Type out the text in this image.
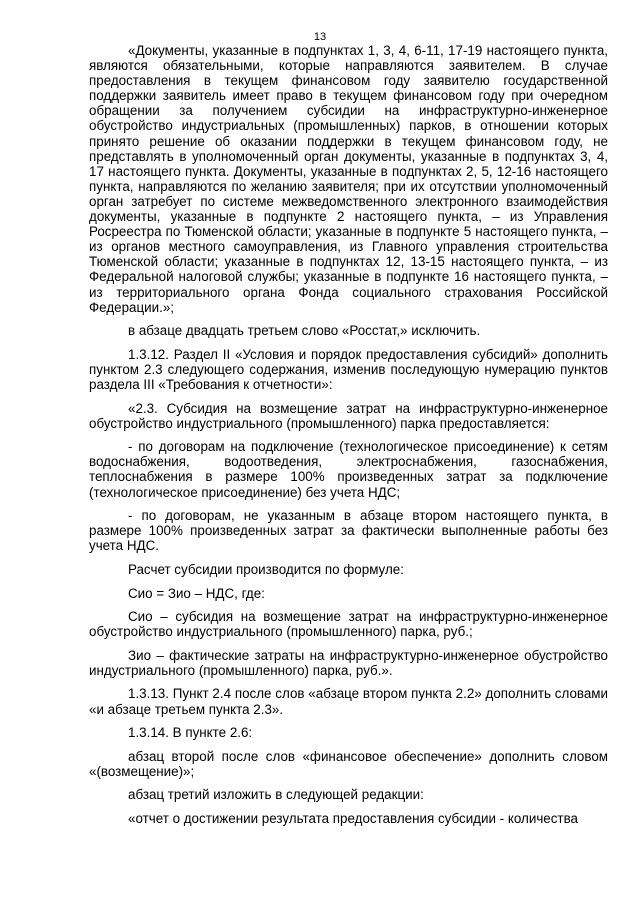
13

«Документы, указанные в подпунктах 1, 3, 4, 6-11, 17-19 настоящего пункта, являются обязательными, которые направляются заявителем. В случае предоставления в текущем финансовом году заявителю государственной поддержки заявитель имеет право в текущем финансовом году при очередном обращении за получением субсидии на инфраструктурно-инженерное обустройство индустриальных (промышленных) парков, в отношении которых принято решение об оказании поддержки в текущем финансовом году, не представлять в уполномоченный орган документы, указанные в подпунктах 3, 4, 17 настоящего пункта. Документы, указанные в подпунктах 2, 5, 12-16 настоящего пункта, направляются по желанию заявителя; при их отсутствии уполномоченный орган затребует по системе межведомственного электронного взаимодействия документы, указанные в подпункте 2 настоящего пункта, – из Управления Росреестра по Тюменской области; указанные в подпункте 5 настоящего пункта, – из органов местного самоуправления, из Главного управления строительства Тюменской области; указанные в подпунктах 12, 13-15 настоящего пункта, – из Федеральной налоговой службы; указанные в подпункте 16 настоящего пункта, – из территориального органа Фонда социального страхования Российской Федерации.»;

в абзаце двадцать третьем слово «Росстат,» исключить.

1.3.12. Раздел II «Условия и порядок предоставления субсидий» дополнить пунктом 2.3 следующего содержания, изменив последующую нумерацию пунктов раздела III «Требования к отчетности»:

«2.3. Субсидия на возмещение затрат на инфраструктурно-инженерное обустройство индустриального (промышленного) парка предоставляется:

- по договорам на подключение (технологическое присоединение) к сетям водоснабжения, водоотведения, электроснабжения, газоснабжения, теплоснабжения в размере 100% произведенных затрат за подключение (технологическое присоединение) без учета НДС;

- по договорам, не указанным в абзаце втором настоящего пункта, в размере 100% произведенных затрат за фактически выполненные работы без учета НДС.

Расчет субсидии производится по формуле:

Сио = Зио – НДС, где:

Сио – субсидия на возмещение затрат на инфраструктурно-инженерное обустройство индустриального (промышленного) парка, руб.;

Зио – фактические затраты на инфраструктурно-инженерное обустройство индустриального (промышленного) парка, руб.».

1.3.13. Пункт 2.4 после слов «абзаце втором пункта 2.2» дополнить словами «и абзаце третьем пункта 2.3».

1.3.14. В пункте 2.6:

абзац второй после слов «финансовое обеспечение» дополнить словом «(возмещение)»;

абзац третий изложить в следующей редакции:

«отчет о достижении результата предоставления субсидии - количества
